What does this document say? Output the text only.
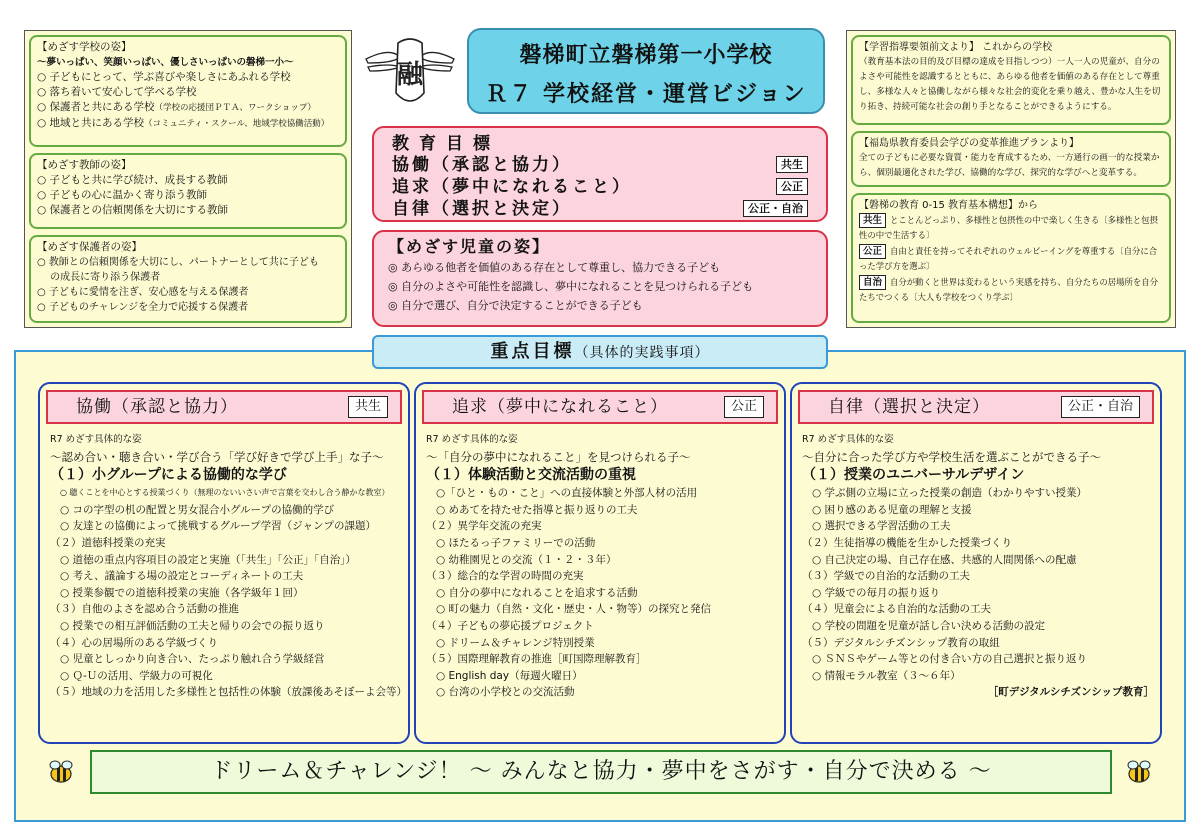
【めざす学校の姿】
～夢いっぱい、笑顔いっぱい、優しさいっぱいの磐梯一小～
○ 子どもにとって、学ぶ喜びや楽しさにあふれる学校
○ 落ち着いて安心して学べる学校
○ 保護者と共にある学校（学校の応援団ＰＴＡ、ワークショップ）
○ 地域と共にある学校（コミュニティ・スクール、地域学校協働活動）
【めざす教師の姿】
○ 子どもと共に学び続け、成長する教師
○ 子どもの心に温かく寄り添う教師
○ 保護者との信頼関係を大切にする教師
【めざす保護者の姿】
○ 教師との信頼関係を大切にし、パートナーとして共に子ども
　 の成長に寄り添う保護者
○ 子どもに愛情を注ぎ、安心感を与える保護者
○ 子どものチャレンジを全力で応援する保護者
融
磐梯町立磐梯第一小学校
Ｒ７ 学校経営・運営ビジョン
【学習指導要領前文より】 これからの学校
（教育基本法の目的及び目標の達成を目指しつつ）一人一人の児童が、自分のよさや可能性を認識するとともに、あらゆる他者を価値のある存在として尊重し、多様な人々と協働しながら様々な社会的変化を乗り越え、豊かな人生を切り拓き、持続可能な社会の創り手となることができるようにする。
【福島県教育委員会学びの変革推進プランより】
全ての子どもに必要な資質・能力を育成するため、一方通行の画一的な授業から、個別最適化された学び、協働的な学び、探究的な学びへと変革する。
【磐梯の教育 0-15 教育基本構想】から
共生 とことんどっぷり、多様性と包摂性の中で楽しく生きる〔多様性と包摂性の中で生活する〕
公正 自由と責任を持ってそれぞれのウェルビーイングを尊重する〔自分に合った学び方を選ぶ〕
自治 自分が動くと世界は変わるという実感を持ち、自分たちの居場所を自分たちでつくる〔大人も学校をつくり学ぶ〕
教育目標
協働（承認と協力）	共生
追求（夢中になれること）	公正
自律（選択と決定）	公正・自治
【めざす児童の姿】
◎ あらゆる他者を価値のある存在として尊重し、協力できる子ども
◎ 自分のよさや可能性を認識し、夢中になれることを見つけられる子ども
◎ 自分で選び、自分で決定することができる子ども
重点目標（具体的実践事項）
協働（承認と協力）	共生
R7 めざす具体的な姿
～認め合い・聴き合い・学び合う「学び好きで学び上手」な子～
（１）小グループによる協働的な学び
○ 聴くことを中心とする授業づくり（無理のないいさい声で言葉を交わし合う静かな教室）
○ コの字型の机の配置と男女混合小グループの協働的学び
○ 友達との協働によって挑戦するグループ学習（ジャンプの課題）
（２）道徳科授業の充実
○ 道徳の重点内容項目の設定と実施（「共生」「公正」「自治」）
○ 考え、議論する場の設定とコーディネートの工夫
○ 授業参観での道徳科授業の実施（各学級年１回）
（３）自他のよさを認め合う活動の推進
○ 授業での相互評価活動の工夫と帰りの会での振り返り
（４）心の居場所のある学級づくり
○ 児童としっかり向き合い、たっぷり触れ合う学級経営
○ Ｑ-Ｕの活用、学級力の可視化
（５）地域の力を活用した多様性と包括性の体験（放課後あそぼーよ会等）
追求（夢中になれること）	公正
R7 めざす具体的な姿
～「自分の夢中になれること」を見つけられる子～
（１）体験活動と交流活動の重視
○「ひと・もの・こと」への直接体験と外部人材の活用
○ めあてを持たせた指導と振り返りの工夫
（２）異学年交流の充実
○ ほたるっ子ファミリーでの活動
○ 幼稚園児との交流（１・２・３年）
（３）総合的な学習の時間の充実
○ 自分の夢中になれることを追求する活動
○ 町の魅力（自然・文化・歴史・人・物等）の探究と発信
（４）子どもの夢応援プロジェクト
○ ドリーム＆チャレンジ特別授業
（５）国際理解教育の推進［町国際理解教育］
○ English day（毎週火曜日）
○ 台湾の小学校との交流活動
自律（選択と決定）	公正・自治
R7 めざす具体的な姿
～自分に合った学び方や学校生活を選ぶことができる子～
（１）授業のユニバーサルデザイン
○ 学ぶ側の立場に立った授業の創造（わかりやすい授業）
○ 困り感のある児童の理解と支援
○ 選択できる学習活動の工夫
（２）生徒指導の機能を生かした授業づくり
○ 自己決定の場、自己存在感、共感的人間関係への配慮
（３）学級での自治的な活動の工夫
○ 学級での毎月の振り返り
（４）児童会による自治的な活動の工夫
○ 学校の問題を児童が話し合い決める活動の設定
（５）デジタルシチズンシップ教育の取組
○ ＳＮＳやゲーム等との付き合い方の自己選択と振り返り
○ 情報モラル教室（３～６年）
［町デジタルシチズンシップ教育］
ドリーム＆チャレンジ！ ～ みんなと協力・夢中をさがす・自分で決める ～
